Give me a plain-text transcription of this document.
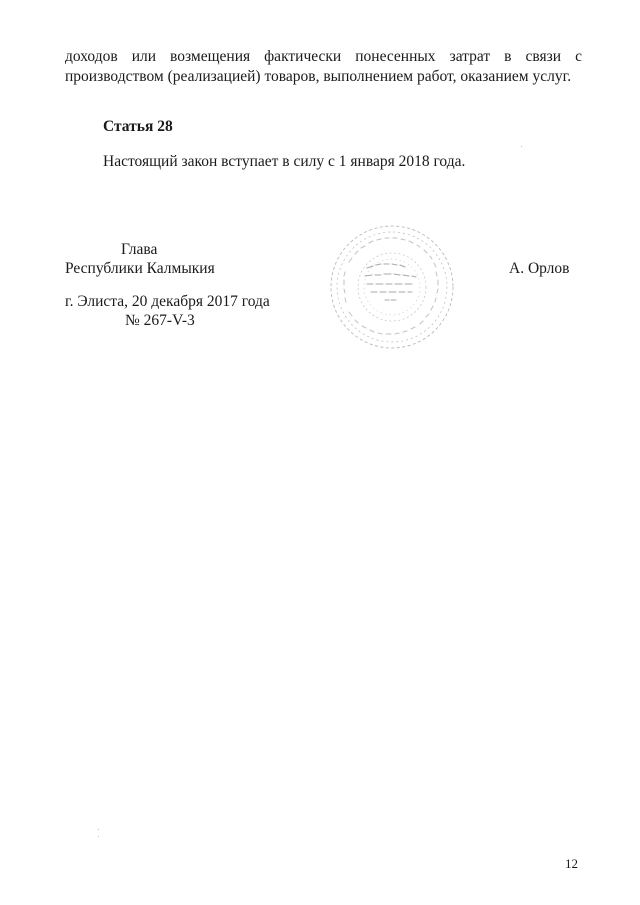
доходов или возмещения фактически понесенных затрат в связи с
производством (реализацией) товаров, выполнением работ, оказанием услуг.
Статья 28
Настоящий закон вступает в силу с 1 января 2018 года.
Глава
Республики Калмыкия	А. Орлов
г. Элиста, 20 декабря 2017 года
№ 267-V-3
12
